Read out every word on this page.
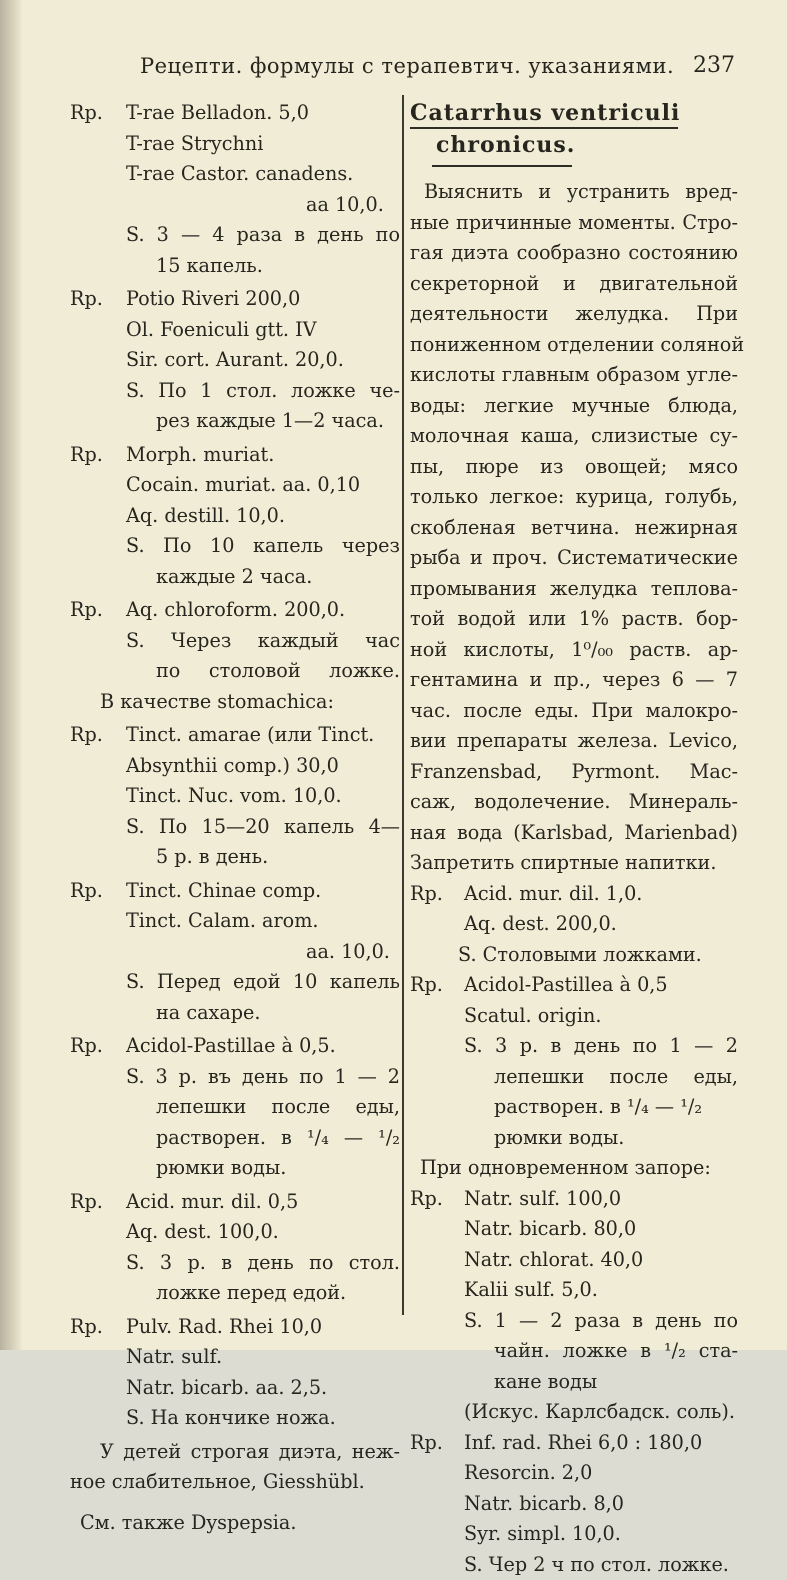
Рецепти. формулы с терапевтич. указаниями. 237
Rp.	T-rae Belladon. 5,0
T-rae Strychni
T-rae Castor. canadens.
aa 10,0.
S. 3 — 4 раза в день по
15 капель.
Rp.	Potio Riveri 200,0
Ol. Foeniculi gtt. IV
Sir. cort. Aurant. 20,0.
S. По 1 стол. ложке че-
рез каждые 1—2 часа.
Rp.	Morph. muriat.
Cocain. muriat. aa. 0,10
Aq. destill. 10,0.
S. По 10 капель через
каждые 2 часа.
Rp.	Aq. chloroform. 200,0.
S. Через каждый час
по столовой ложке.
В качестве stomachica:
Rp.	Tinct. amarae (или Tinct.
Absynthii comp.) 30,0
Tinct. Nuc. vom. 10,0.
S. По 15—20 капель 4—
5 р. в день.
Rp.	Tinct. Chinae comp.
Tinct. Calam. arom.
aa. 10,0.
S. Перед едой 10 капель
на сахаре.
Rp.	Acidol-Pastillae à 0,5.
S. 3 р. въ день по 1 — 2
лепешки после еды,
растворен. в ¹/₄ — ¹/₂
рюмки воды.
Rp.	Acid. mur. dil. 0,5
Aq. dest. 100,0.
S. 3 р. в день по стол.
ложке перед едой.
Rp.	Pulv. Rad. Rhei 10,0
Natr. sulf.
Natr. bicarb. aa. 2,5.
S. На кончике ножа.
У детей строгая диэта, неж-
ное слабительное, Giesshübl.
См. также Dyspepsia.
Catarrhus ventriculi
chronicus.
Выяснить и устранить вред-
ные причинные моменты. Стро-
гая диэта сообразно состоянию
секреторной и двигательной
деятельности желудка. При
пониженном отделении соляной
кислоты главным образом угле-
воды: легкие мучные блюда,
молочная каша, слизистые су-
пы, пюре из овощей; мясо
только легкое: курица, голубь,
скобленая ветчина. нежирная
рыба и проч. Систематические
промывания желудка теплова-
той водой или 1% раств. бор-
ной кислоты, 1⁰/₀₀ раств. ар-
гентамина и пр., через 6 — 7
час. после еды. При малокро-
вии препараты железа. Levico,
Franzensbad, Pyrmont. Мас-
саж, водолечение. Минераль-
ная вода (Karlsbad, Marienbad)
Запретить спиртные напитки.
Rp.	Acid. mur. dil. 1,0.
Aq. dest. 200,0.
S. Столовыми ложками.
Rp.	Acidol-Pastillea à 0,5
Scatul. origin.
S. 3 р. в день по 1 — 2
лепешки после еды,
растворен. в ¹/₄ — ¹/₂
рюмки воды.
При одновременном запоре:
Rp.	Natr. sulf. 100,0
Natr. bicarb. 80,0
Natr. chlorat. 40,0
Kalii sulf. 5,0.
S. 1 — 2 раза в день по
чайн. ложке в ¹/₂ ста-
кане воды
(Искус. Карлсбадск. соль).
Rp.	Inf. rad. Rhei 6,0 : 180,0
Resorcin. 2,0
Natr. bicarb. 8,0
Syr. simpl. 10,0.
S. Чер 2 ч по стол. ложке.
